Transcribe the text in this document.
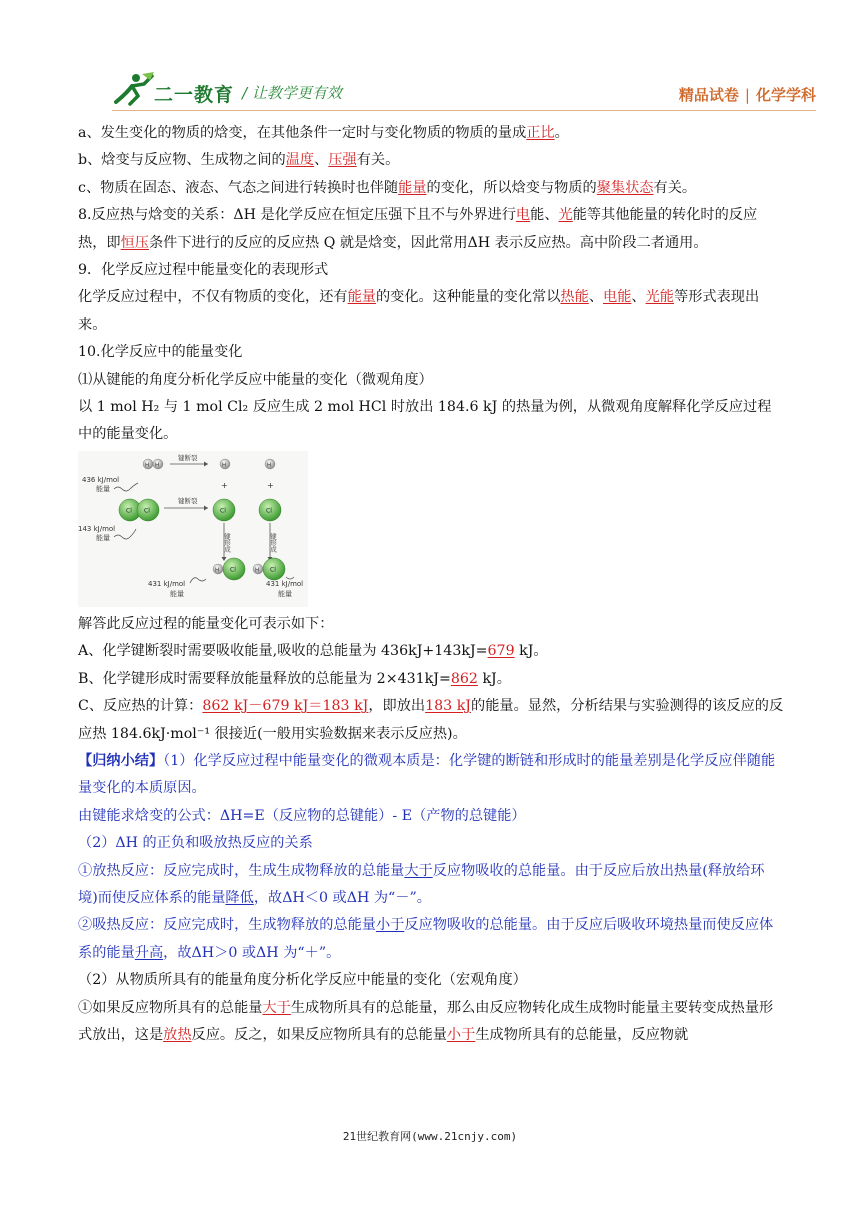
二一教育 / 让教学更有效	精品试卷 | 化学学科

a、发生变化的物质的焓变，在其他条件一定时与变化物质的物质的量成正比。

b、焓变与反应物、生成物之间的温度、压强有关。

c、物质在固态、液态、气态之间进行转换时也伴随能量的变化，所以焓变与物质的聚集状态有关。

8.反应热与焓变的关系：ΔH 是化学反应在恒定压强下且不与外界进行电能、光能等其他能量的转化时的反应热，即恒压条件下进行的反应的反应热 Q 就是焓变，因此常用ΔH 表示反应热。高中阶段二者通用。

9．化学反应过程中能量变化的表现形式

化学反应过程中，不仅有物质的变化，还有能量的变化。这种能量的变化常以热能、电能、光能等形式表现出来。

10.化学反应中的能量变化

⑴从键能的角度分析化学反应中能量的变化（微观角度）

以 1 mol H₂ 与 1 mol Cl₂ 反应生成 2 mol HCl 时放出 184.6 kJ 的热量为例，从微观角度解释化学反应过程中的能量变化。

436 kJ/mol
能量
H H
键断裂
H	H
Cl Cl
键断裂
Cl	Cl
+	+
143 kJ/mol
能量	键形成	键形成
H Cl	H Cl
431 kJ/mol
能量
431 kJ/mol
能量

解答此反应过程的能量变化可表示如下：

A、化学键断裂时需要吸收能量,吸收的总能量为 436kJ+143kJ=679 kJ。

B、化学键形成时需要释放能量释放的总能量为 2×431kJ=862 kJ。

C、反应热的计算：862 kJ－679 kJ＝183 kJ，即放出183 kJ的能量。显然，分析结果与实验测得的该反应的反应热 184.6kJ·mol⁻¹ 很接近(一般用实验数据来表示反应热)。

【归纳小结】（1）化学反应过程中能量变化的微观本质是：化学键的断链和形成时的能量差别是化学反应伴随能量变化的本质原因。

由键能求焓变的公式：ΔH=E（反应物的总键能）- E（产物的总键能）

（2）ΔH 的正负和吸放热反应的关系

①放热反应：反应完成时，生成生成物释放的总能量大于反应物吸收的总能量。由于反应后放出热量(释放给环境)而使反应体系的能量降低，故ΔH＜0 或ΔH 为“－”。

②吸热反应：反应完成时，生成物释放的总能量小于反应物吸收的总能量。由于反应后吸收环境热量而使反应体系的能量升高，故ΔH＞0 或ΔH 为“＋”。

（2）从物质所具有的能量角度分析化学反应中能量的变化（宏观角度）

①如果反应物所具有的总能量大于生成物所具有的总能量，那么由反应物转化成生成物时能量主要转变成热量形式放出，这是放热反应。反之，如果反应物所具有的总能量小于生成物所具有的总能量，反应物就

21世纪教育网(www.21cnjy.com)
